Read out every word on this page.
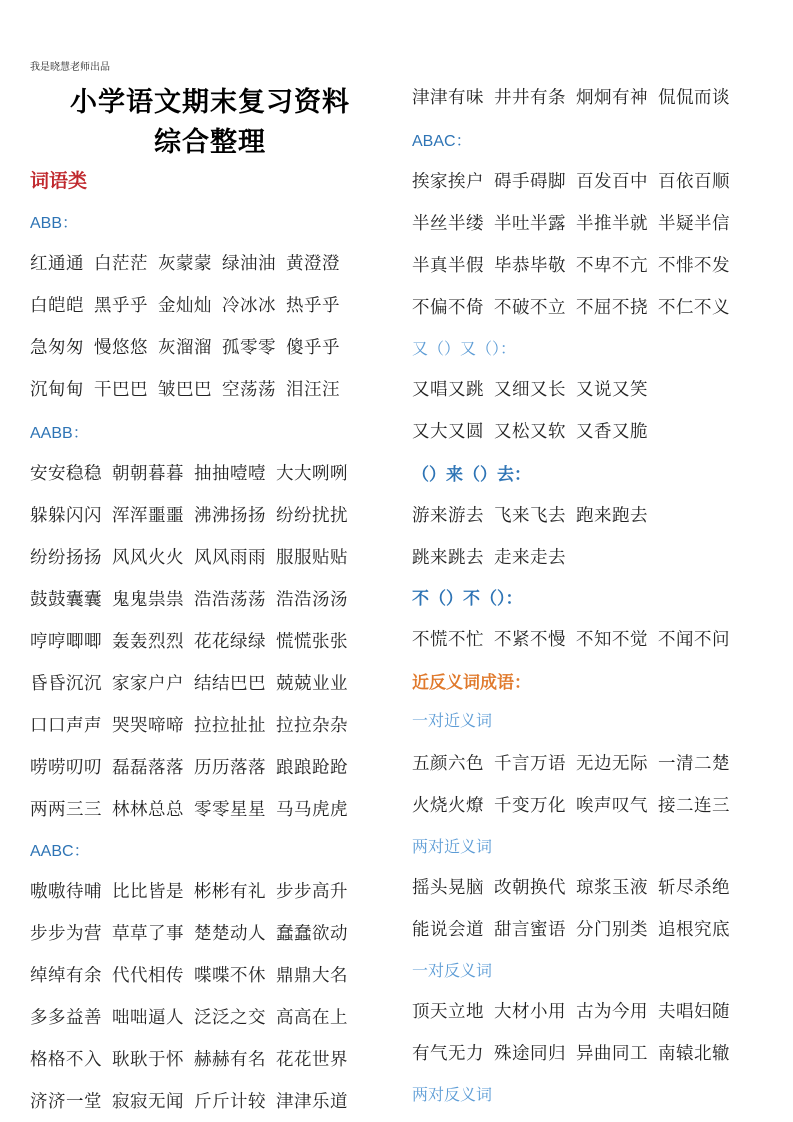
我是晓慧老师出品
小学语文期末复习资料
综合整理
词语类
ABB：
红通通 白茫茫 灰蒙蒙 绿油油 黄澄澄
白皑皑 黑乎乎 金灿灿 冷冰冰 热乎乎
急匆匆 慢悠悠 灰溜溜 孤零零 傻乎乎
沉甸甸 干巴巴 皱巴巴 空荡荡 泪汪汪
AABB：
安安稳稳 朝朝暮暮 抽抽噎噎 大大咧咧
躲躲闪闪 浑浑噩噩 沸沸扬扬 纷纷扰扰
纷纷扬扬 风风火火 风风雨雨 服服贴贴
鼓鼓囊囊 鬼鬼祟祟 浩浩荡荡 浩浩汤汤
哼哼唧唧 轰轰烈烈 花花绿绿 慌慌张张
昏昏沉沉 家家户户 结结巴巴 兢兢业业
口口声声 哭哭啼啼 拉拉扯扯 拉拉杂杂
唠唠叨叨 磊磊落落 历历落落 踉踉跄跄
两两三三 林林总总 零零星星 马马虎虎
AABC：
嗷嗷待哺 比比皆是 彬彬有礼 步步高升
步步为营 草草了事 楚楚动人 蠢蠢欲动
绰绰有余 代代相传 喋喋不休 鼎鼎大名
多多益善 咄咄逼人 泛泛之交 高高在上
格格不入 耿耿于怀 赫赫有名 花花世界
济济一堂 寂寂无闻 斤斤计较 津津乐道
津津有味 井井有条 炯炯有神 侃侃而谈
ABAC：
挨家挨户 碍手碍脚 百发百中 百依百顺
半丝半缕 半吐半露 半推半就 半疑半信
半真半假 毕恭毕敬 不卑不亢 不悱不发
不偏不倚 不破不立 不屈不挠 不仁不义
又（）又（）：
又唱又跳 又细又长 又说又笑
又大又圆 又松又软 又香又脆
（）来（）去：
游来游去 飞来飞去 跑来跑去
跳来跳去 走来走去
不（）不（）：
不慌不忙 不紧不慢 不知不觉 不闻不问
近反义词成语：
一对近义词
五颜六色 千言万语 无边无际 一清二楚
火烧火燎 千变万化 唉声叹气 接二连三
两对近义词
摇头晃脑 改朝换代 琼浆玉液 斩尽杀绝
能说会道 甜言蜜语 分门别类 追根究底
一对反义词
顶天立地 大材小用 古为今用 夫唱妇随
有气无力 殊途同归 异曲同工 南辕北辙
两对反义词
